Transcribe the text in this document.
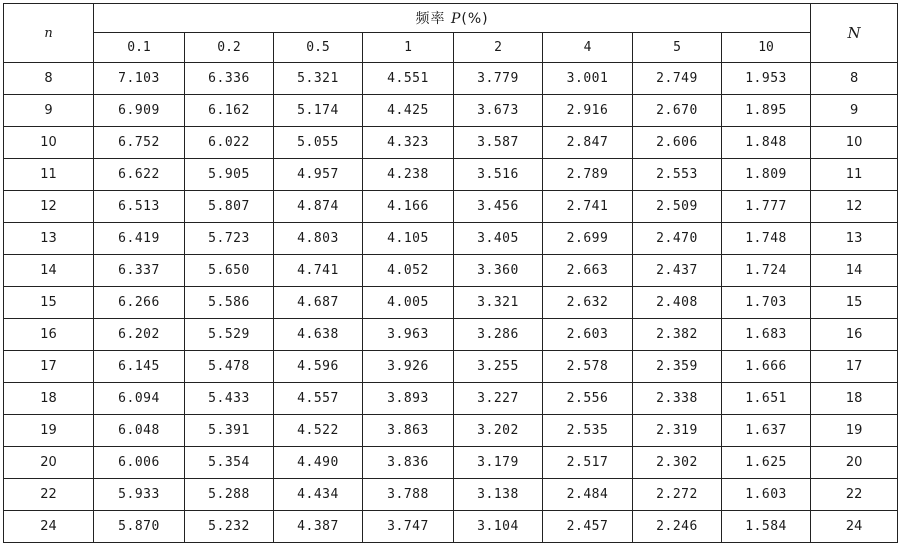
n	频率 P(%)								N
	0.1	0.2	0.5	1	2	4	5	10	
8	7.103	6.336	5.321	4.551	3.779	3.001	2.749	1.953	8
9	6.909	6.162	5.174	4.425	3.673	2.916	2.670	1.895	9
10	6.752	6.022	5.055	4.323	3.587	2.847	2.606	1.848	10
11	6.622	5.905	4.957	4.238	3.516	2.789	2.553	1.809	11
12	6.513	5.807	4.874	4.166	3.456	2.741	2.509	1.777	12
13	6.419	5.723	4.803	4.105	3.405	2.699	2.470	1.748	13
14	6.337	5.650	4.741	4.052	3.360	2.663	2.437	1.724	14
15	6.266	5.586	4.687	4.005	3.321	2.632	2.408	1.703	15
16	6.202	5.529	4.638	3.963	3.286	2.603	2.382	1.683	16
17	6.145	5.478	4.596	3.926	3.255	2.578	2.359	1.666	17
18	6.094	5.433	4.557	3.893	3.227	2.556	2.338	1.651	18
19	6.048	5.391	4.522	3.863	3.202	2.535	2.319	1.637	19
20	6.006	5.354	4.490	3.836	3.179	2.517	2.302	1.625	20
22	5.933	5.288	4.434	3.788	3.138	2.484	2.272	1.603	22
24	5.870	5.232	4.387	3.747	3.104	2.457	2.246	1.584	24
